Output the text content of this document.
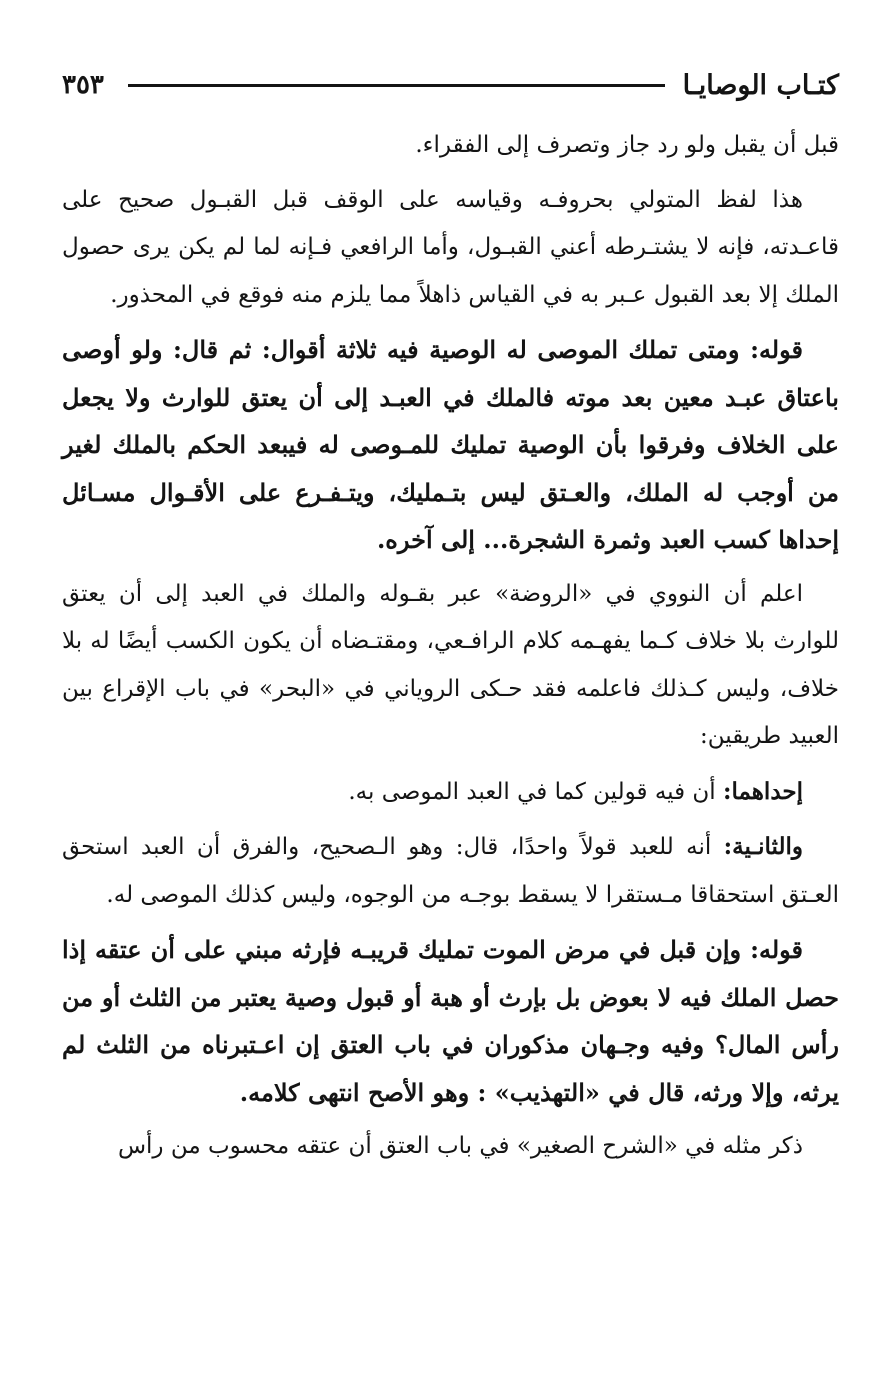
كتـاب الوصايـا
٣٥٣

قبل أن يقبل ولو رد جاز وتصرف إلى الفقراء.

هذا لفظ المتولي بحروفـه وقياسه على الوقف قبل القبـول صحيح على قاعـدته، فإنه لا يشتـرطه أعني القبـول، وأما الرافعي فـإنه لما لم يكن يرى حصول الملك إلا بعد القبول عـبر به في القياس ذاهلاً مما يلزم منه فوقع في المحذور.

قوله: ومتى تملك الموصى له الوصية فيه ثلاثة أقوال: ثم قال: ولو أوصى باعتاق عبـد معين بعد موته فالملك في العبـد إلى أن يعتق للوارث ولا يجعل على الخلاف وفرقوا بأن الوصية تمليك للمـوصى له فيبعد الحكم بالملك لغير من أوجب له الملك، والعـتق ليس بتـمليك، ويتـفـرع على الأقـوال مسـائل إحداها كسب العبد وثمرة الشجرة... إلى آخره.

اعلم أن النووي في «الروضة» عبر بقـوله والملك في العبد إلى أن يعتق للوارث بلا خلاف كـما يفهـمه كلام الرافـعي، ومقتـضاه أن يكون الكسب أيضًا له بلا خلاف، وليس كـذلك فاعلمه فقد حـكى الروياني في «البحر» في باب الإقراع بين العبيد طريقين:

إحداهما: أن فيه قولين كما في العبد الموصى به.

والثانـية: أنه للعبد قولاً واحدًا، قال: وهو الـصحيح، والفرق أن العبد استحق العـتق استحقاقا مـستقرا لا يسقط بوجـه من الوجوه، وليس كذلك الموصى له.

قوله: وإن قبل في مرض الموت تمليك قريبـه فإرثه مبني على أن عتقه إذا حصل الملك فيه لا بعوض بل بإرث أو هبة أو قبول وصية يعتبر من الثلث أو من رأس المال؟ وفيه وجـهان مذكوران في باب العتق إن اعـتبرناه من الثلث لم يرثه، وإلا ورثه، قال في «التهذيب» : وهو الأصح انتهى كلامه.

ذكر مثله في «الشرح الصغير» في باب العتق أن عتقه محسوب من رأس
